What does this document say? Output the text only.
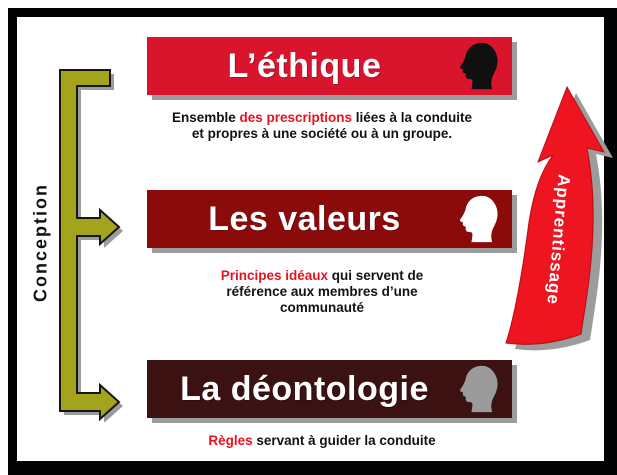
Conception	Apprentissage
L’éthique
Ensemble des prescriptions liées à la conduite et propres à une société ou à un groupe.
Les valeurs
Principes idéaux qui servent de référence aux membres d’une communauté
La déontologie
Règles servant à guider la conduite
